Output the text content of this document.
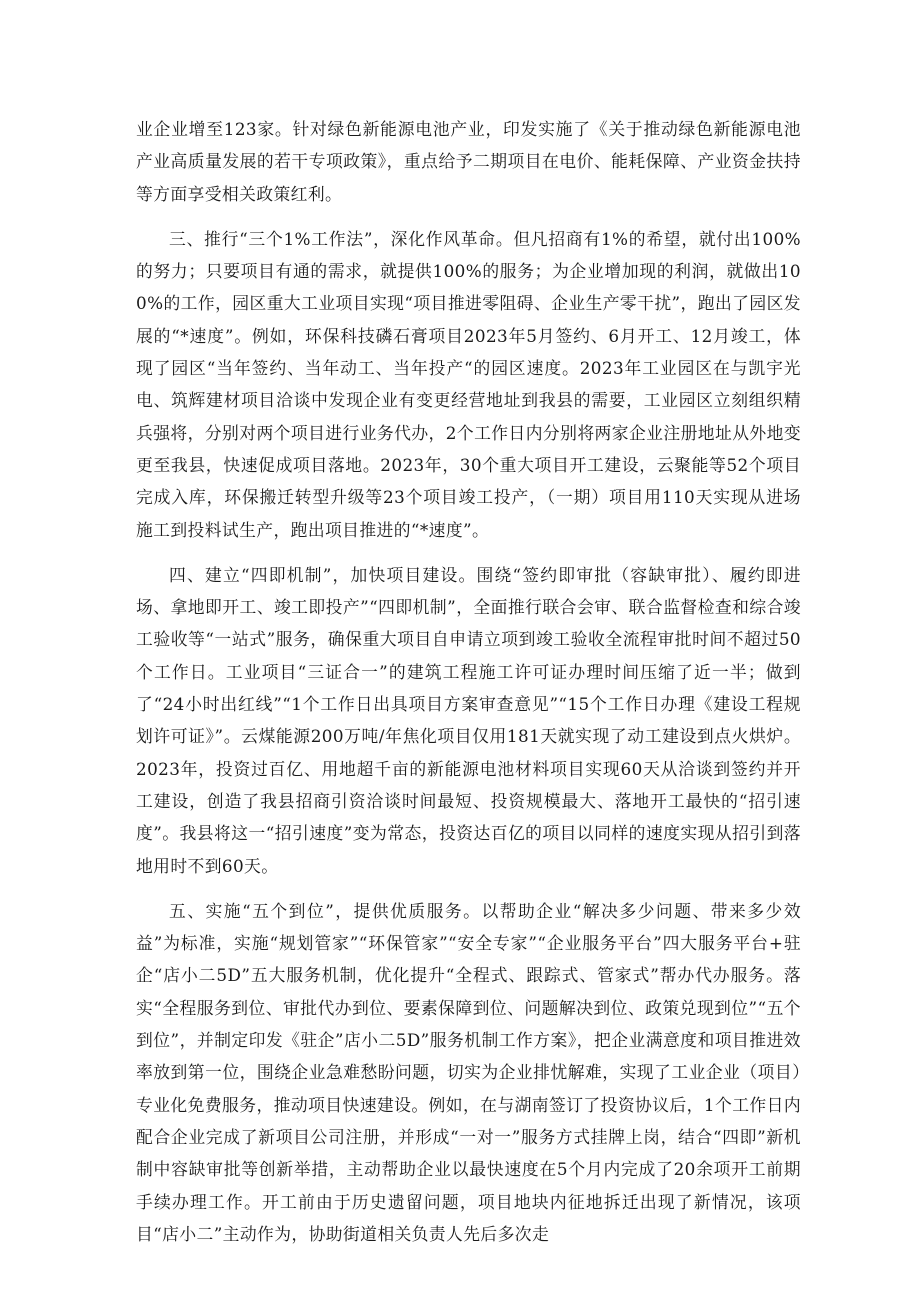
业企业增至123家。针对绿色新能源电池产业，印发实施了《关于推动绿色新能源电池产业高质量发展的若干专项政策》，重点给予二期项目在电价、能耗保障、产业资金扶持等方面享受相关政策红利。

三、推行“三个1%工作法”，深化作风革命。但凡招商有1%的希望，就付出100%的努力；只要项目有通的需求，就提供100%的服务；为企业增加现的利润，就做出100%的工作，园区重大工业项目实现“项目推进零阻碍、企业生产零干扰”，跑出了园区发展的“*速度”。例如，环保科技磷石膏项目2023年5月签约、6月开工、12月竣工，体现了园区“当年签约、当年动工、当年投产“的园区速度。2023年工业园区在与凯宇光电、筑辉建材项目洽谈中发现企业有变更经营地址到我县的需要，工业园区立刻组织精兵强将，分别对两个项目进行业务代办，2个工作日内分别将两家企业注册地址从外地变更至我县，快速促成项目落地。2023年，30个重大项目开工建设，云聚能等52个项目完成入库，环保搬迁转型升级等23个项目竣工投产，（一期）项目用110天实现从进场施工到投料试生产，跑出项目推进的“*速度”。

四、建立“四即机制”，加快项目建设。围绕“签约即审批（容缺审批）、履约即进场、拿地即开工、竣工即投产”“四即机制”，全面推行联合会审、联合监督检查和综合竣工验收等“一站式”服务，确保重大项目自申请立项到竣工验收全流程审批时间不超过50个工作日。工业项目“三证合一”的建筑工程施工许可证办理时间压缩了近一半；做到了“24小时出红线”“1个工作日出具项目方案审查意见”“15个工作日办理《建设工程规划许可证》”。云煤能源200万吨/年焦化项目仅用181天就实现了动工建设到点火烘炉。2023年，投资过百亿、用地超千亩的新能源电池材料项目实现60天从洽谈到签约并开工建设，创造了我县招商引资洽谈时间最短、投资规模最大、落地开工最快的“招引速度”。我县将这一“招引速度”变为常态，投资达百亿的项目以同样的速度实现从招引到落地用时不到60天。

五、实施“五个到位”，提供优质服务。以帮助企业“解决多少问题、带来多少效益”为标准，实施“规划管家”“环保管家”“安全专家”“企业服务平台”四大服务平台+驻企“店小二5D”五大服务机制，优化提升“全程式、跟踪式、管家式”帮办代办服务。落实“全程服务到位、审批代办到位、要素保障到位、问题解决到位、政策兑现到位”“五个到位”，并制定印发《驻企”店小二5D”服务机制工作方案》，把企业满意度和项目推进效率放到第一位，围绕企业急难愁盼问题，切实为企业排忧解难，实现了工业企业（项目）专业化免费服务，推动项目快速建设。例如，在与湖南签订了投资协议后，1个工作日内配合企业完成了新项目公司注册，并形成“一对一”服务方式挂牌上岗，结合“四即”新机制中容缺审批等创新举措，主动帮助企业以最快速度在5个月内完成了20余项开工前期手续办理工作。开工前由于历史遗留问题，项目地块内征地拆迁出现了新情况，该项目“店小二”主动作为，协助街道相关负责人先后多次走
